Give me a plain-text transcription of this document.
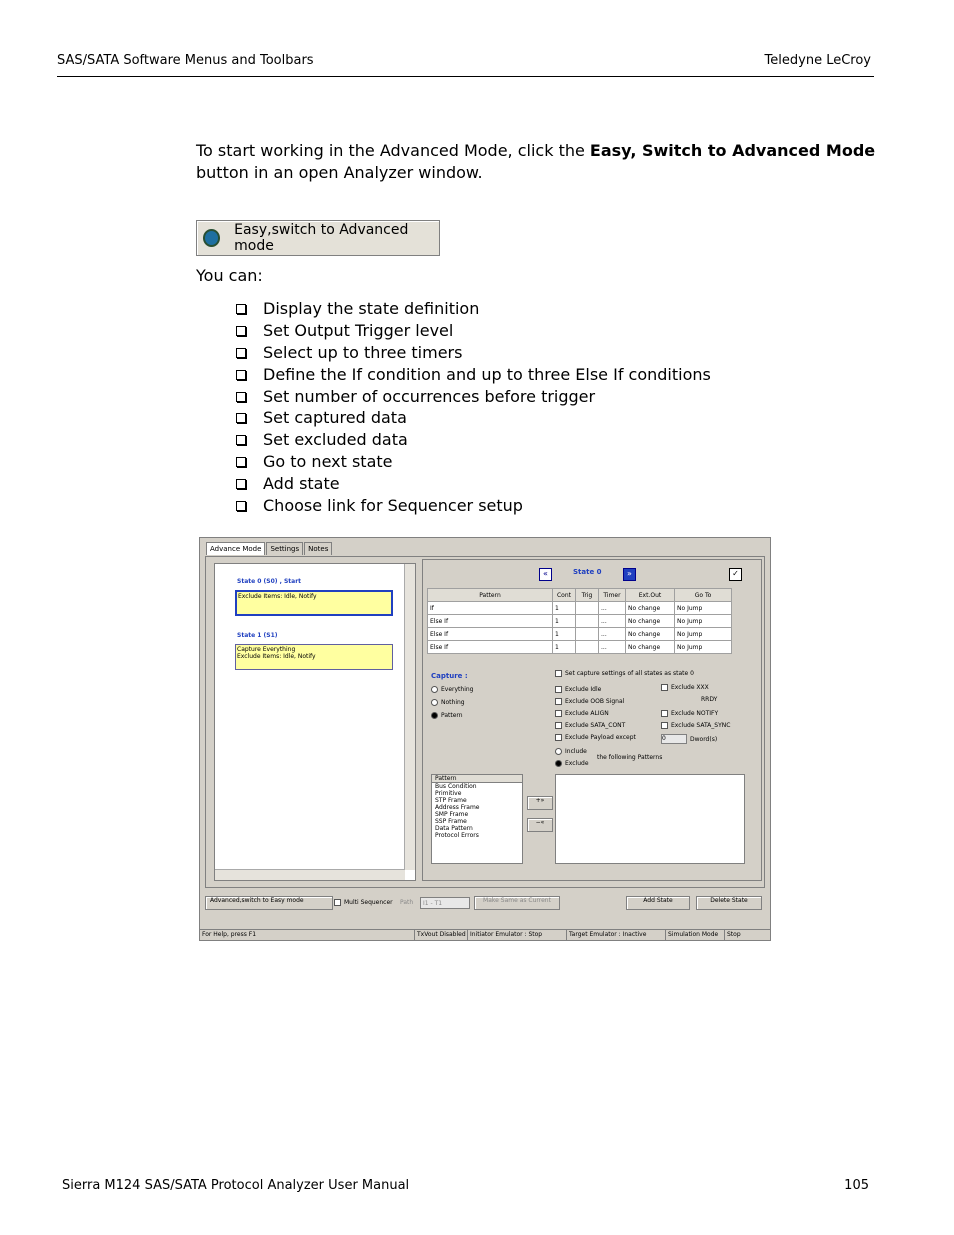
SAS/SATA Software Menus and Toolbars	Teledyne LeCroy
To start working in the Advanced Mode, click the Easy, Switch to Advanced Mode button in an open Analyzer window.
Easy,switch to Advanced mode
You can:
Display the state definition
Set Output Trigger level
Select up to three timers
Define the If condition and up to three Else If conditions
Set number of occurrences before trigger
Set captured data
Set excluded data
Go to next state
Add state
Choose link for Sequencer setup
Advance Mode	Settings	Notes
State 0 (S0) , Start
Exclude Items: Idle, Notify
State 1 (S1)
Capture Everything
Exclude Items: Idle, Notify
«	State 0	»	✓
Pattern	Cont	Trig	Timer	Ext.Out	Go To
If	1		...	No change	No Jump
Else If	1		...	No change	No Jump
Else If	1		...	No change	No Jump
Else If	1		...	No change	No Jump
Capture :
Everything
Nothing
Pattern
Set capture settings of all states as state 0
Exclude Idle
Exclude OOB Signal
Exclude ALIGN
Exclude SATA_CONT
Exclude Payload except
Exclude XXX
RRDY
Exclude NOTIFY
Exclude SATA_SYNC
0	Dword(s)
Include
Exclude
the following Patterns
Pattern
Bus Condition
Primitive
STP Frame
Address Frame
SMP Frame
SSP Frame
Data Pattern
Protocol Errors
+»
−«
Advanced,switch to Easy mode	Multi Sequencer Path I1 - T1	Make Same as Current	Add State	Delete State
For Help, press F1	TxVout Disabled Initiator Emulator : Stop	Target Emulator : Inactive	Simulation Mode	Stop
Sierra M124 SAS/SATA Protocol Analyzer User Manual	105
